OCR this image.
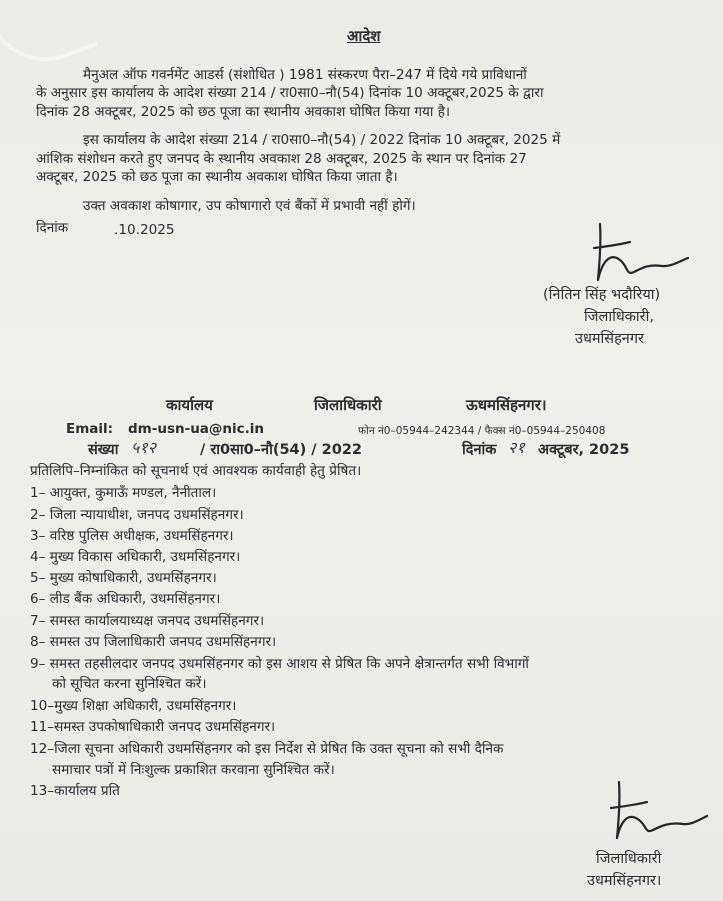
आदेश
मैनुअल ऑफ गवर्नमेंट आडर्स (संशोधित ) 1981 संस्करण पैरा–247 में दिये गये प्राविधानों
के अनुसार इस कार्यालय के आदेश संख्या 214 / रा0सा0–नौ(54) दिनांक 10 अक्टूबर,2025 के द्वारा
दिनांक 28 अक्टूबर, 2025 को छठ पूजा का स्थानीय अवकाश घोषित किया गया है।
इस कार्यालय के आदेश संख्या 214 / रा0सा0–नौ(54) / 2022 दिनांक 10 अक्टूबर, 2025 में
आंशिक संशोधन करते हुए जनपद के स्थानीय अवकाश 28 अक्टूबर, 2025 के स्थान पर दिनांक 27
अक्टूबर, 2025 को छठ पूजा का स्थानीय अवकाश घोषित किया जाता है।
उक्त अवकाश कोषागार, उप कोषागारो एवं बैंकों में प्रभावी नहीं होगें।
दिनांक	.10.2025
(नितिन सिंह भदौरिया)
जिलाधिकारी,
उधमसिंहनगर
कार्यालय	जिलाधिकारी	ऊधमसिंहनगर।
Email: dm-usn-ua@nic.in	फोन नं0–05944–242344 / फैक्स नं0–05944–250408
संख्या ५१२	/ रा0सा0–नौ(54) / 2022	दिनांक २१ अक्टूबर, 2025
प्रतिलिपि–निम्नांकित को सूचनार्थ एवं आवश्यक कार्यवाही हेतु प्रेषित।
1– आयुक्त, कुमाऊँ मण्डल, नैनीताल।
2– जिला न्यायाधीश, जनपद उधमसिंहनगर।
3– वरिष्ठ पुलिस अधीक्षक, उधमसिंहनगर।
4– मुख्य विकास अधिकारी, उधमसिंहनगर।
5– मुख्य कोषाधिकारी, उधमसिंहनगर।
6– लीड बैंक अधिकारी, उधमसिंहनगर।
7– समस्त कार्यालयाध्यक्ष जनपद उधमसिंहनगर।
8– समस्त उप जिलाधिकारी जनपद उधमसिंहनगर।
9– समस्त तहसीलदार जनपद उधमसिंहनगर को इस आशय से प्रेषित कि अपने क्षेत्रान्तर्गत सभी विभागों
को सूचित करना सुनिश्चित करें।
10–मुख्य शिक्षा अधिकारी, उधमसिंहनगर।
11–समस्त उपकोषाधिकारी जनपद उधमसिंहनगर।
12–जिला सूचना अधिकारी उधमसिंहनगर को इस निर्देश से प्रेषित कि उक्त सूचना को सभी दैनिक
समाचार पत्रों में निःशुल्क प्रकाशित करवाना सुनिश्चित करें।
13–कार्यालय प्रति
जिलाधिकारी
उधमसिंहनगर।
